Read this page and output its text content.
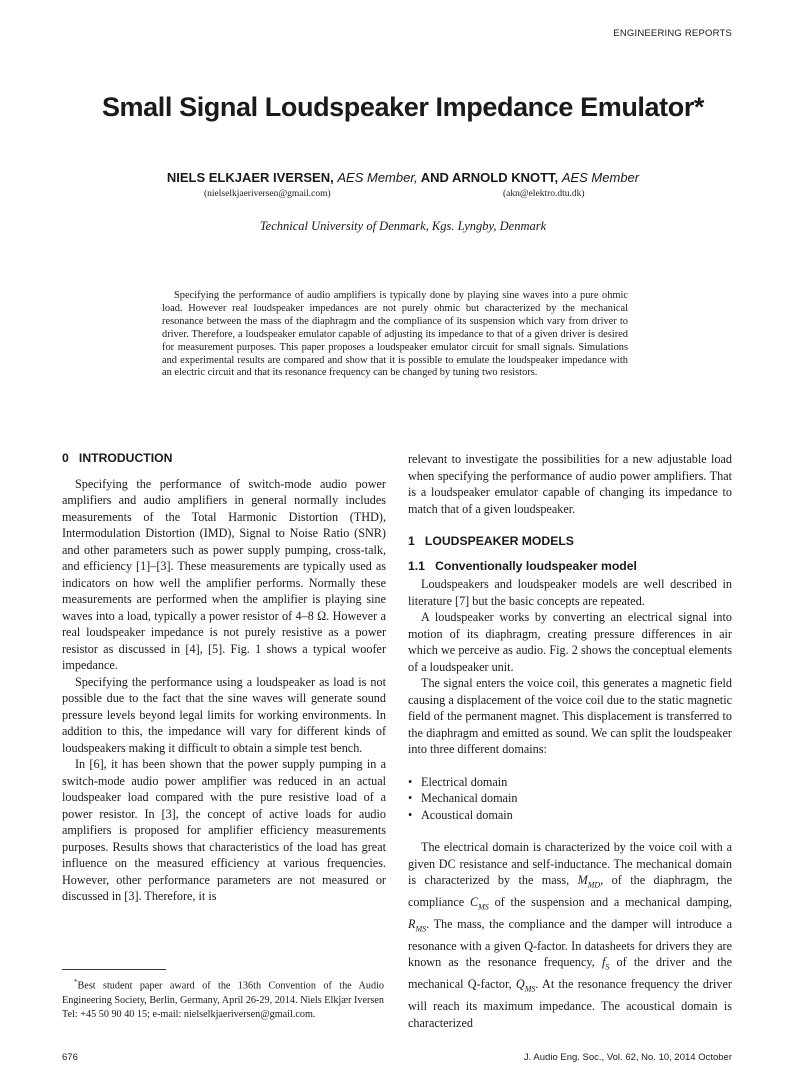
ENGINEERING REPORTS
Small Signal Loudspeaker Impedance Emulator*
NIELS ELKJAER IVERSEN, AES Member, AND ARNOLD KNOTT, AES Member
(nielselkjaeriversen@gmail.com)	(akn@elektro.dtu.dk)
Technical University of Denmark, Kgs. Lyngby, Denmark

Specifying the performance of audio amplifiers is typically done by playing sine waves into a pure ohmic load. However real loudspeaker impedances are not purely ohmic but characterized by the mechanical resonance between the mass of the diaphragm and the compliance of its suspension which vary from driver to driver. Therefore, a loudspeaker emulator capable of adjusting its impedance to that of a given driver is desired for measurement purposes. This paper proposes a loudspeaker emulator circuit for small signals. Simulations and experimental results are compared and show that it is possible to emulate the loudspeaker impedance with an electric circuit and that its resonance frequency can be changed by tuning two resistors.

0   INTRODUCTION

Specifying the performance of switch-mode audio power amplifiers and audio amplifiers in general normally includes measurements of the Total Harmonic Distortion (THD), Intermodulation Distortion (IMD), Signal to Noise Ratio (SNR) and other parameters such as power supply pumping, cross-talk, and efficiency [1]–[3]. These measurements are typically used as indicators on how well the amplifier performs. Normally these measurements are performed when the amplifier is playing sine waves into a load, typically a power resistor of 4–8 Ω. However a real loudspeaker impedance is not purely resistive as a power resistor as discussed in [4], [5]. Fig. 1 shows a typical woofer impedance.

Specifying the performance using a loudspeaker as load is not possible due to the fact that the sine waves will generate sound pressure levels beyond legal limits for working environments. In addition to this, the impedance will vary for different kinds of loudspeakers making it difficult to obtain a simple test bench.

In [6], it has been shown that the power supply pumping in a switch-mode audio power amplifier was reduced in an actual loudspeaker load compared with the pure resistive load of a power resistor. In [3], the concept of active loads for audio amplifiers is proposed for amplifier efficiency measurements purposes. Results shows that characteristics of the load has great influence on the measured efficiency at various frequencies. However, other performance parameters are not measured or discussed in [3]. Therefore, it is

*Best student paper award of the 136th Convention of the Audio Engineering Society, Berlin, Germany, April 26-29, 2014. Niels Elkjær Iversen Tel: +45 50 90 40 15; e-mail: nielselkjaeriversen@gmail.com.

relevant to investigate the possibilities for a new adjustable load when specifying the performance of audio power amplifiers. That is a loudspeaker emulator capable of changing its impedance to match that of a given loudspeaker.

1   LOUDSPEAKER MODELS
1.1   Conventionally loudspeaker model

Loudspeakers and loudspeaker models are well described in literature [7] but the basic concepts are repeated.

A loudspeaker works by converting an electrical signal into motion of its diaphragm, creating pressure differences in air which we perceive as audio. Fig. 2 shows the conceptual elements of a loudspeaker unit.

The signal enters the voice coil, this generates a magnetic field causing a displacement of the voice coil due to the static magnetic field of the permanent magnet. This displacement is transferred to the diaphragm and emitted as sound. We can split the loudspeaker into three different domains:

• Electrical domain
• Mechanical domain
• Acoustical domain

The electrical domain is characterized by the voice coil with a given DC resistance and self-inductance. The mechanical domain is characterized by the mass, $M_{MD}$, of the diaphragm, the compliance $C_{MS}$ of the suspension and a mechanical damping, $R_{MS}$. The mass, the compliance and the damper will introduce a resonance with a given Q-factor. In datasheets for drivers they are known as the resonance frequency, $f_S$ of the driver and the mechanical Q-factor, $Q_{MS}$. At the resonance frequency the driver will reach its maximum impedance. The acoustical domain is characterized

676	J. Audio Eng. Soc., Vol. 62, No. 10, 2014 October
